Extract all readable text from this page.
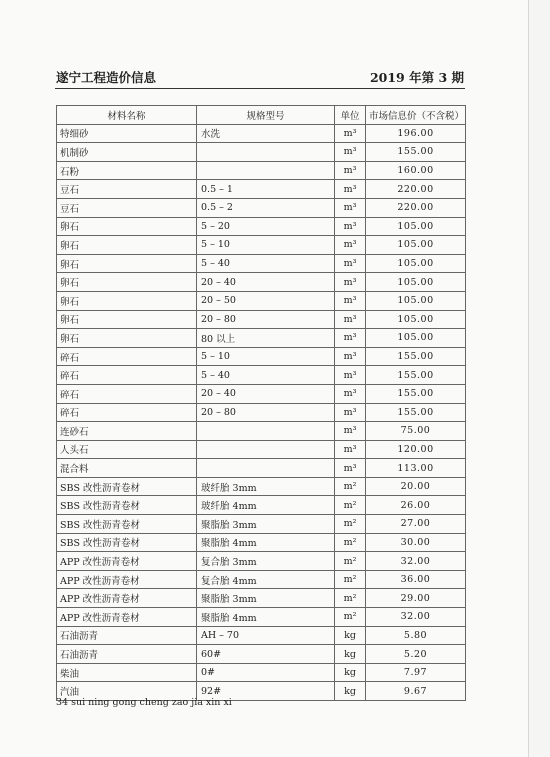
遂宁工程造价信息	2019 年第 3 期
材料名称	规格型号	单位	市场信息价（不含税）
特细砂	水洗	m³	196.00
机制砂		m³	155.00
石粉		m³	160.00
豆石	0.5 – 1	m³	220.00
豆石	0.5 – 2	m³	220.00
卵石	5 – 20	m³	105.00
卵石	5 – 10	m³	105.00
卵石	5 – 40	m³	105.00
卵石	20 – 40	m³	105.00
卵石	20 – 50	m³	105.00
卵石	20 – 80	m³	105.00
卵石	80 以上	m³	105.00
碎石	5 – 10	m³	155.00
碎石	5 – 40	m³	155.00
碎石	20 – 40	m³	155.00
碎石	20 – 80	m³	155.00
连砂石		m³	75.00
人头石		m³	120.00
混合料		m³	113.00
SBS 改性沥青卷材	玻纤胎 3mm	m²	20.00
SBS 改性沥青卷材	玻纤胎 4mm	m²	26.00
SBS 改性沥青卷材	聚脂胎 3mm	m²	27.00
SBS 改性沥青卷材	聚脂胎 4mm	m²	30.00
APP 改性沥青卷材	复合胎 3mm	m²	32.00
APP 改性沥青卷材	复合胎 4mm	m²	36.00
APP 改性沥青卷材	聚脂胎 3mm	m²	29.00
APP 改性沥青卷材	聚脂胎 4mm	m²	32.00
石油沥青	AH – 70	kg	5.80
石油沥青	60#	kg	5.20
柴油	0#	kg	7.97
汽油	92#	kg	9.67
34 sui ning gong cheng zao jia xin xi
